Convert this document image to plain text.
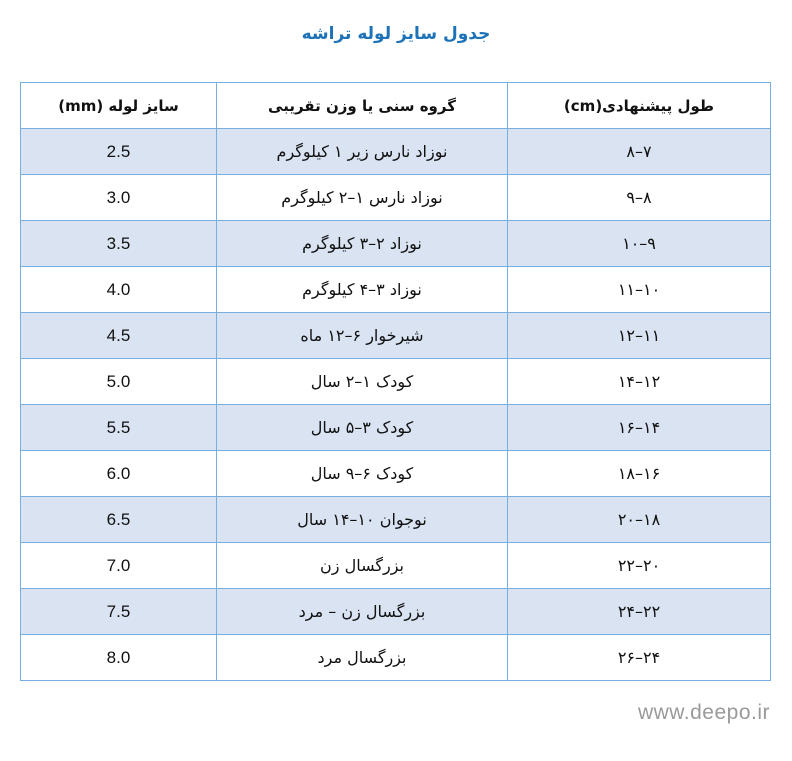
جدول سایز لوله تراشه
سایز لوله (mm)	گروه سنی یا وزن تقریبی	طول پیشنهادی(cm)
2.5	نوزاد نارس زیر ۱ کیلوگرم	۷–۸
3.0	نوزاد نارس ۱–۲ کیلوگرم	۸–۹
3.5	نوزاد ۲–۳ کیلوگرم	۹–۱۰
4.0	نوزاد ۳–۴ کیلوگرم	۱۰–۱۱
4.5	شیرخوار ۶–۱۲ ماه	۱۱–۱۲
5.0	کودک ۱–۲ سال	۱۲–۱۴
5.5	کودک ۳–۵ سال	۱۴–۱۶
6.0	کودک ۶–۹ سال	۱۶–۱۸
6.5	نوجوان ۱۰–۱۴ سال	۱۸–۲۰
7.0	بزرگسال زن	۲۰–۲۲
7.5	بزرگسال زن – مرد	۲۲–۲۴
8.0	بزرگسال مرد	۲۴–۲۶
www.deepo.ir
